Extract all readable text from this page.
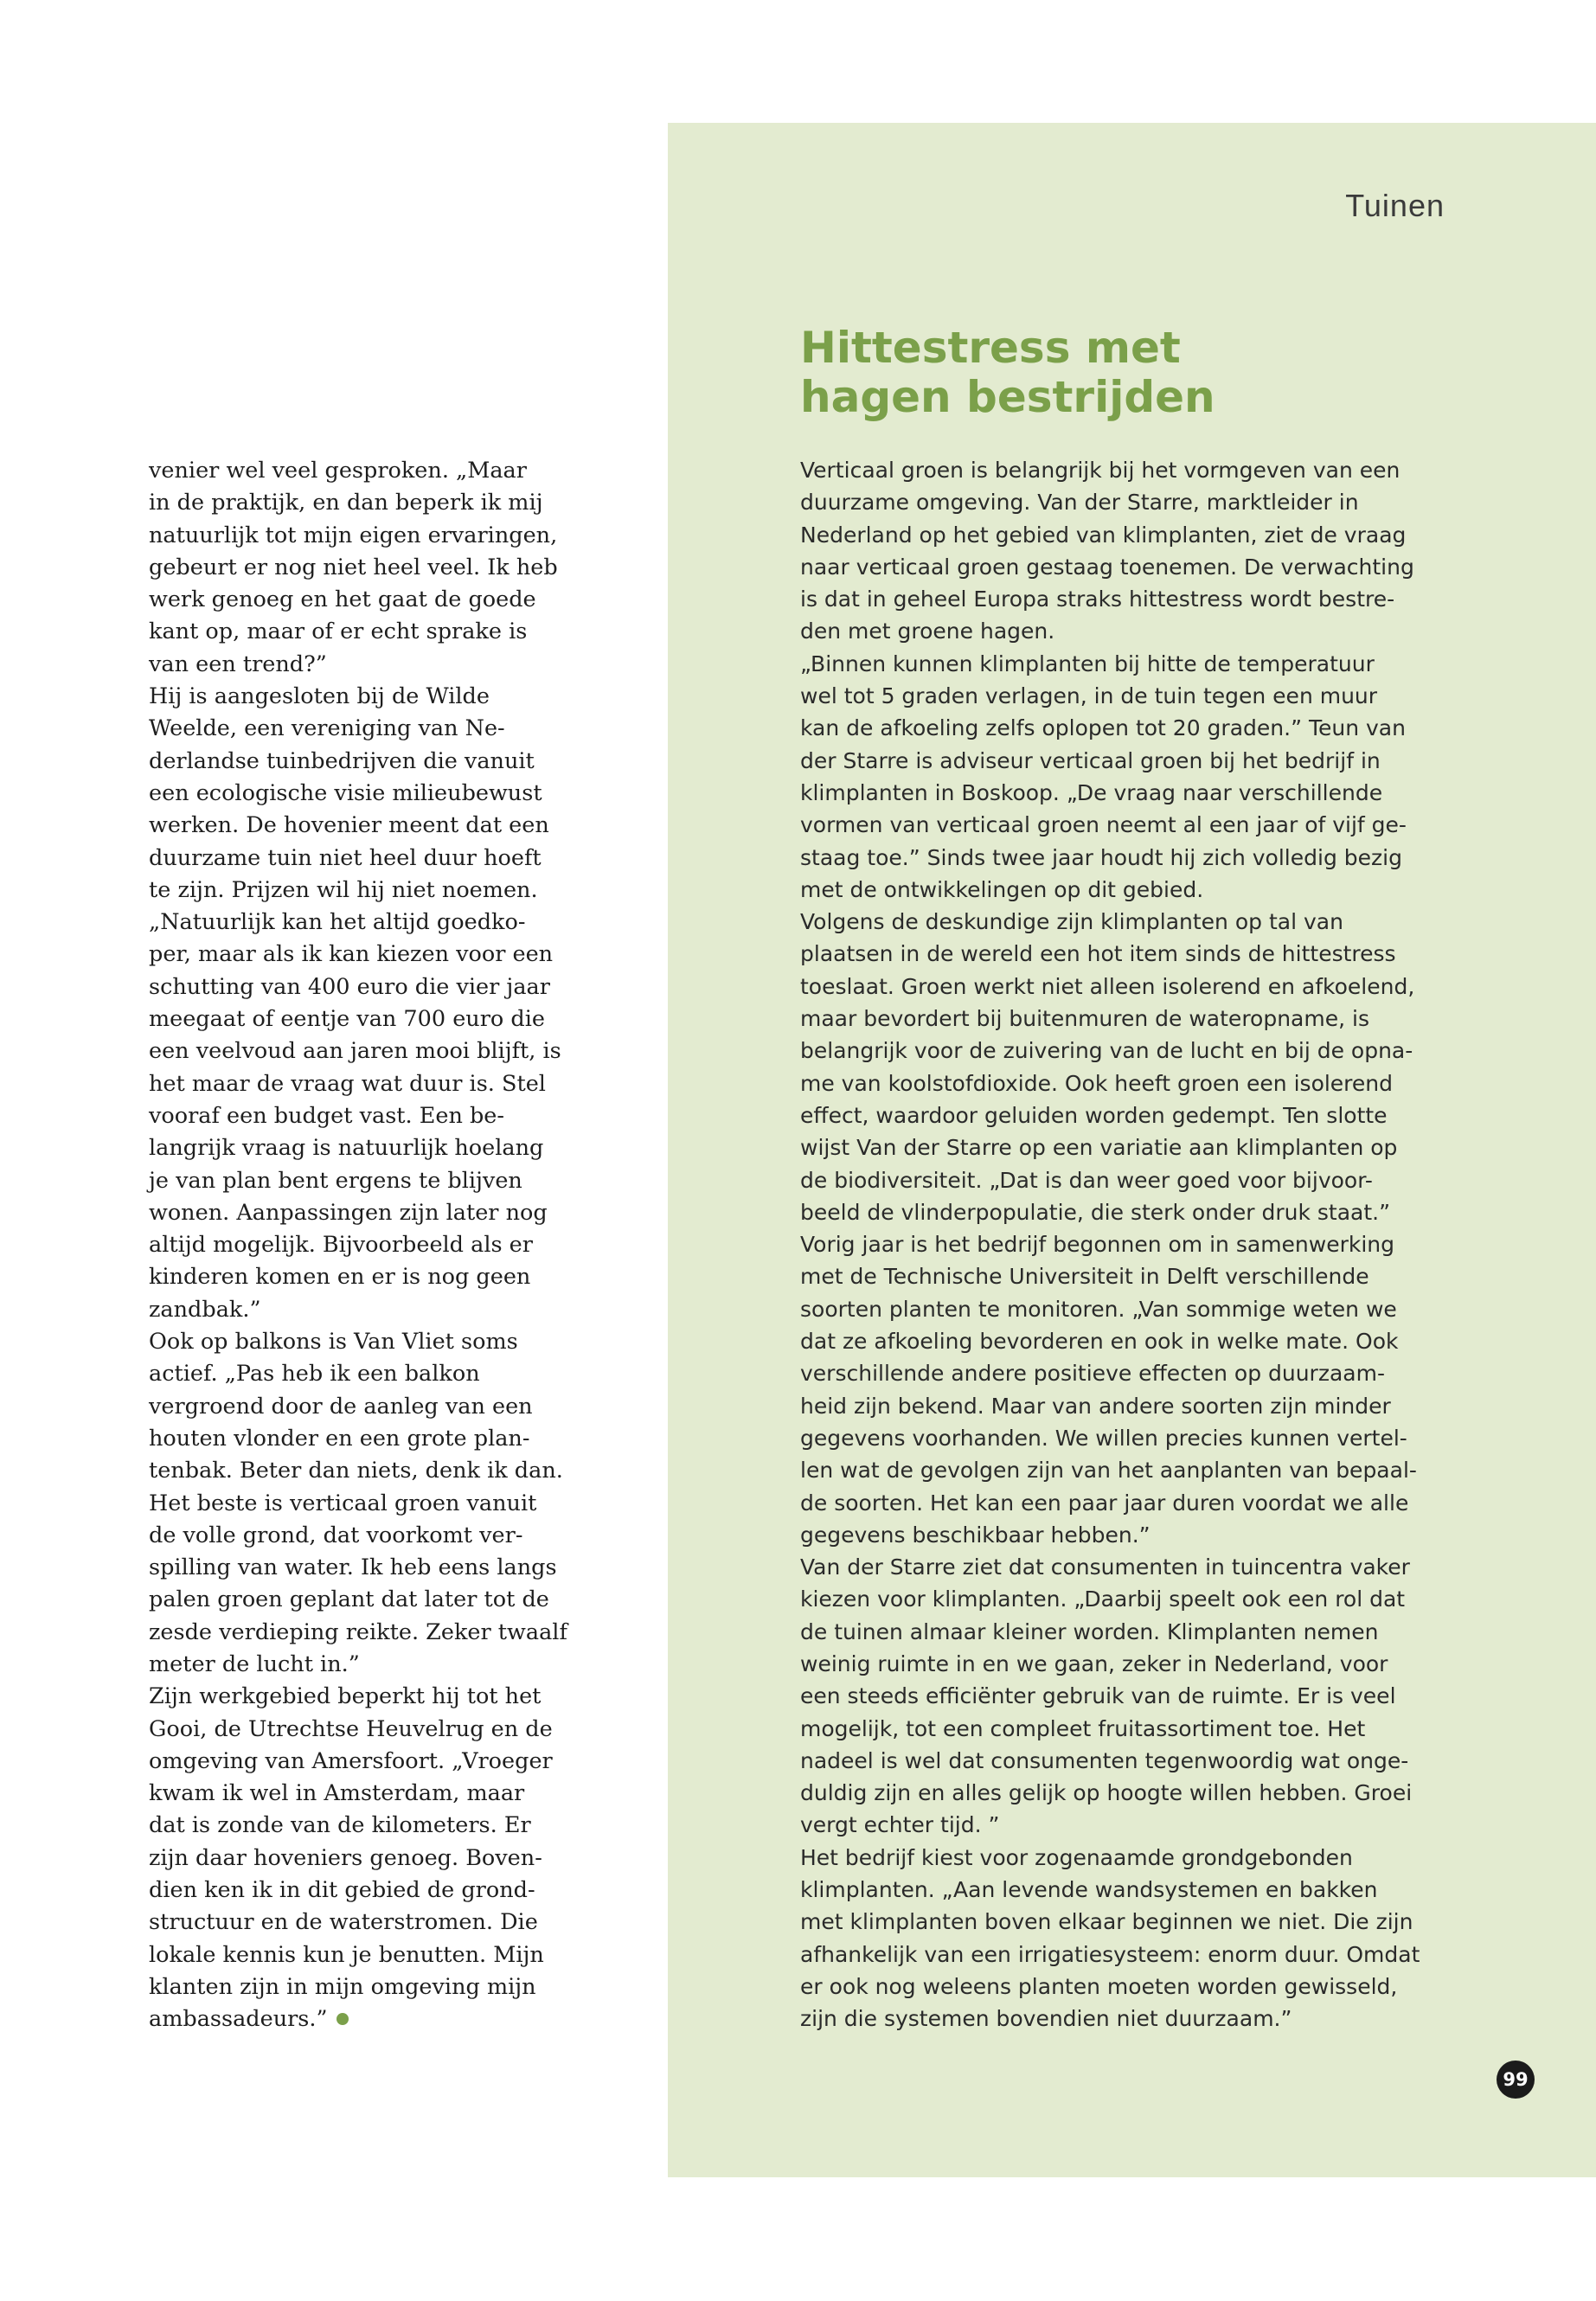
Tuinen
Hittestress met
hagen bestrijden

venier wel veel gesproken. „Maar
in de praktijk, en dan beperk ik mij
natuurlijk tot mijn eigen ervaringen,
gebeurt er nog niet heel veel. Ik heb
werk genoeg en het gaat de goede
kant op, maar of er echt sprake is
van een trend?”

Hij is aangesloten bij de Wilde
Weelde, een vereniging van Ne-
derlandse tuinbedrijven die vanuit
een ecologische visie milieubewust
werken. De hovenier meent dat een
duurzame tuin niet heel duur hoeft
te zijn. Prijzen wil hij niet noemen.
„Natuurlijk kan het altijd goedko-
per, maar als ik kan kiezen voor een
schutting van 400 euro die vier jaar
meegaat of eentje van 700 euro die
een veelvoud aan jaren mooi blijft, is
het maar de vraag wat duur is. Stel
vooraf een budget vast. Een be-
langrijk vraag is natuurlijk hoelang
je van plan bent ergens te blijven
wonen. Aanpassingen zijn later nog
altijd mogelijk. Bijvoorbeeld als er
kinderen komen en er is nog geen
zandbak.”

Ook op balkons is Van Vliet soms
actief. „Pas heb ik een balkon
vergroend door de aanleg van een
houten vlonder en een grote plan-
tenbak. Beter dan niets, denk ik dan.
Het beste is verticaal groen vanuit
de volle grond, dat voorkomt ver-
spilling van water. Ik heb eens langs
palen groen geplant dat later tot de
zesde verdieping reikte. Zeker twaalf
meter de lucht in.”

Zijn werkgebied beperkt hij tot het
Gooi, de Utrechtse Heuvelrug en de
omgeving van Amersfoort. „Vroeger
kwam ik wel in Amsterdam, maar
dat is zonde van de kilometers. Er
zijn daar hoveniers genoeg. Boven-
dien ken ik in dit gebied de grond-
structuur en de waterstromen. Die
lokale kennis kun je benutten. Mijn
klanten zijn in mijn omgeving mijn
ambassadeurs.”

Verticaal groen is belangrijk bij het vormgeven van een
duurzame omgeving. Van der Starre, marktleider in
Nederland op het gebied van klimplanten, ziet de vraag
naar verticaal groen gestaag toenemen. De verwachting
is dat in geheel Europa straks hittestress wordt bestre-
den met groene hagen.

„Binnen kunnen klimplanten bij hitte de temperatuur
wel tot 5 graden verlagen, in de tuin tegen een muur
kan de afkoeling zelfs oplopen tot 20 graden.” Teun van
der Starre is adviseur verticaal groen bij het bedrijf in
klimplanten in Boskoop. „De vraag naar verschillende
vormen van verticaal groen neemt al een jaar of vijf ge-
staag toe.” Sinds twee jaar houdt hij zich volledig bezig
met de ontwikkelingen op dit gebied.

Volgens de deskundige zijn klimplanten op tal van
plaatsen in de wereld een hot item sinds de hittestress
toeslaat. Groen werkt niet alleen isolerend en afkoelend,
maar bevordert bij buitenmuren de wateropname, is
belangrijk voor de zuivering van de lucht en bij de opna-
me van koolstofdioxide. Ook heeft groen een isolerend
effect, waardoor geluiden worden gedempt. Ten slotte
wijst Van der Starre op een variatie aan klimplanten op
de biodiversiteit. „Dat is dan weer goed voor bijvoor-
beeld de vlinderpopulatie, die sterk onder druk staat.”

Vorig jaar is het bedrijf begonnen om in samenwerking
met de Technische Universiteit in Delft verschillende
soorten planten te monitoren. „Van sommige weten we
dat ze afkoeling bevorderen en ook in welke mate. Ook
verschillende andere positieve effecten op duurzaam-
heid zijn bekend. Maar van andere soorten zijn minder
gegevens voorhanden. We willen precies kunnen vertel-
len wat de gevolgen zijn van het aanplanten van bepaal-
de soorten. Het kan een paar jaar duren voordat we alle
gegevens beschikbaar hebben.”

Van der Starre ziet dat consumenten in tuincentra vaker
kiezen voor klimplanten. „Daarbij speelt ook een rol dat
de tuinen almaar kleiner worden. Klimplanten nemen
weinig ruimte in en we gaan, zeker in Nederland, voor
een steeds efficiënter gebruik van de ruimte. Er is veel
mogelijk, tot een compleet fruitassortiment toe. Het
nadeel is wel dat consumenten tegenwoordig wat onge-
duldig zijn en alles gelijk op hoogte willen hebben. Groei
vergt echter tijd. ”

Het bedrijf kiest voor zogenaamde grondgebonden
klimplanten. „Aan levende wandsystemen en bakken
met klimplanten boven elkaar beginnen we niet. Die zijn
afhankelijk van een irrigatiesysteem: enorm duur. Omdat
er ook nog weleens planten moeten worden gewisseld,
zijn die systemen bovendien niet duurzaam.”

99
